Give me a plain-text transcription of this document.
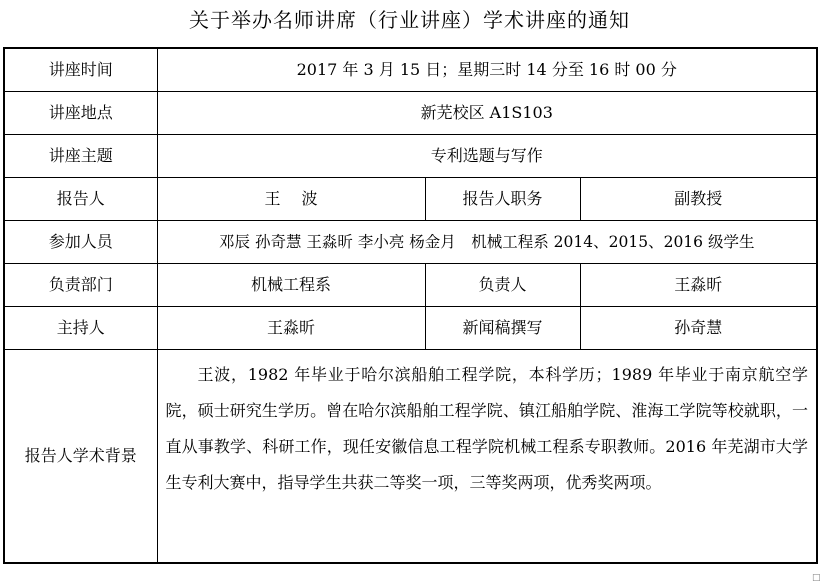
关于举办名师讲席（行业讲座）学术讲座的通知
讲座时间	2017 年 3 月 15 日；星期三时 14 分至 16 时 00 分		
讲座地点	新芜校区 A1S103		
讲座主题	专利选题与写作		
报告人	王　 波	报告人职务	副教授
参加人员	邓辰 孙奇慧 王淼昕 李小亮 杨金月　机械工程系 2014、2015、2016 级学生		
负责部门	机械工程系	负责人	王淼昕
主持人	王淼昕	新闻稿撰写	孙奇慧
报告人学术背景	王波，1982 年毕业于哈尔滨船舶工程学院，本科学历；1989 年毕业于南京航空学院，硕士研究生学历。曾在哈尔滨船舶工程学院、镇江船舶学院、淮海工学院等校就职，一直从事教学、科研工作，现任安徽信息工程学院机械工程系专职教师。2016 年芜湖市大学生专利大赛中，指导学生共获二等奖一项，三等奖两项，优秀奖两项。		
□
